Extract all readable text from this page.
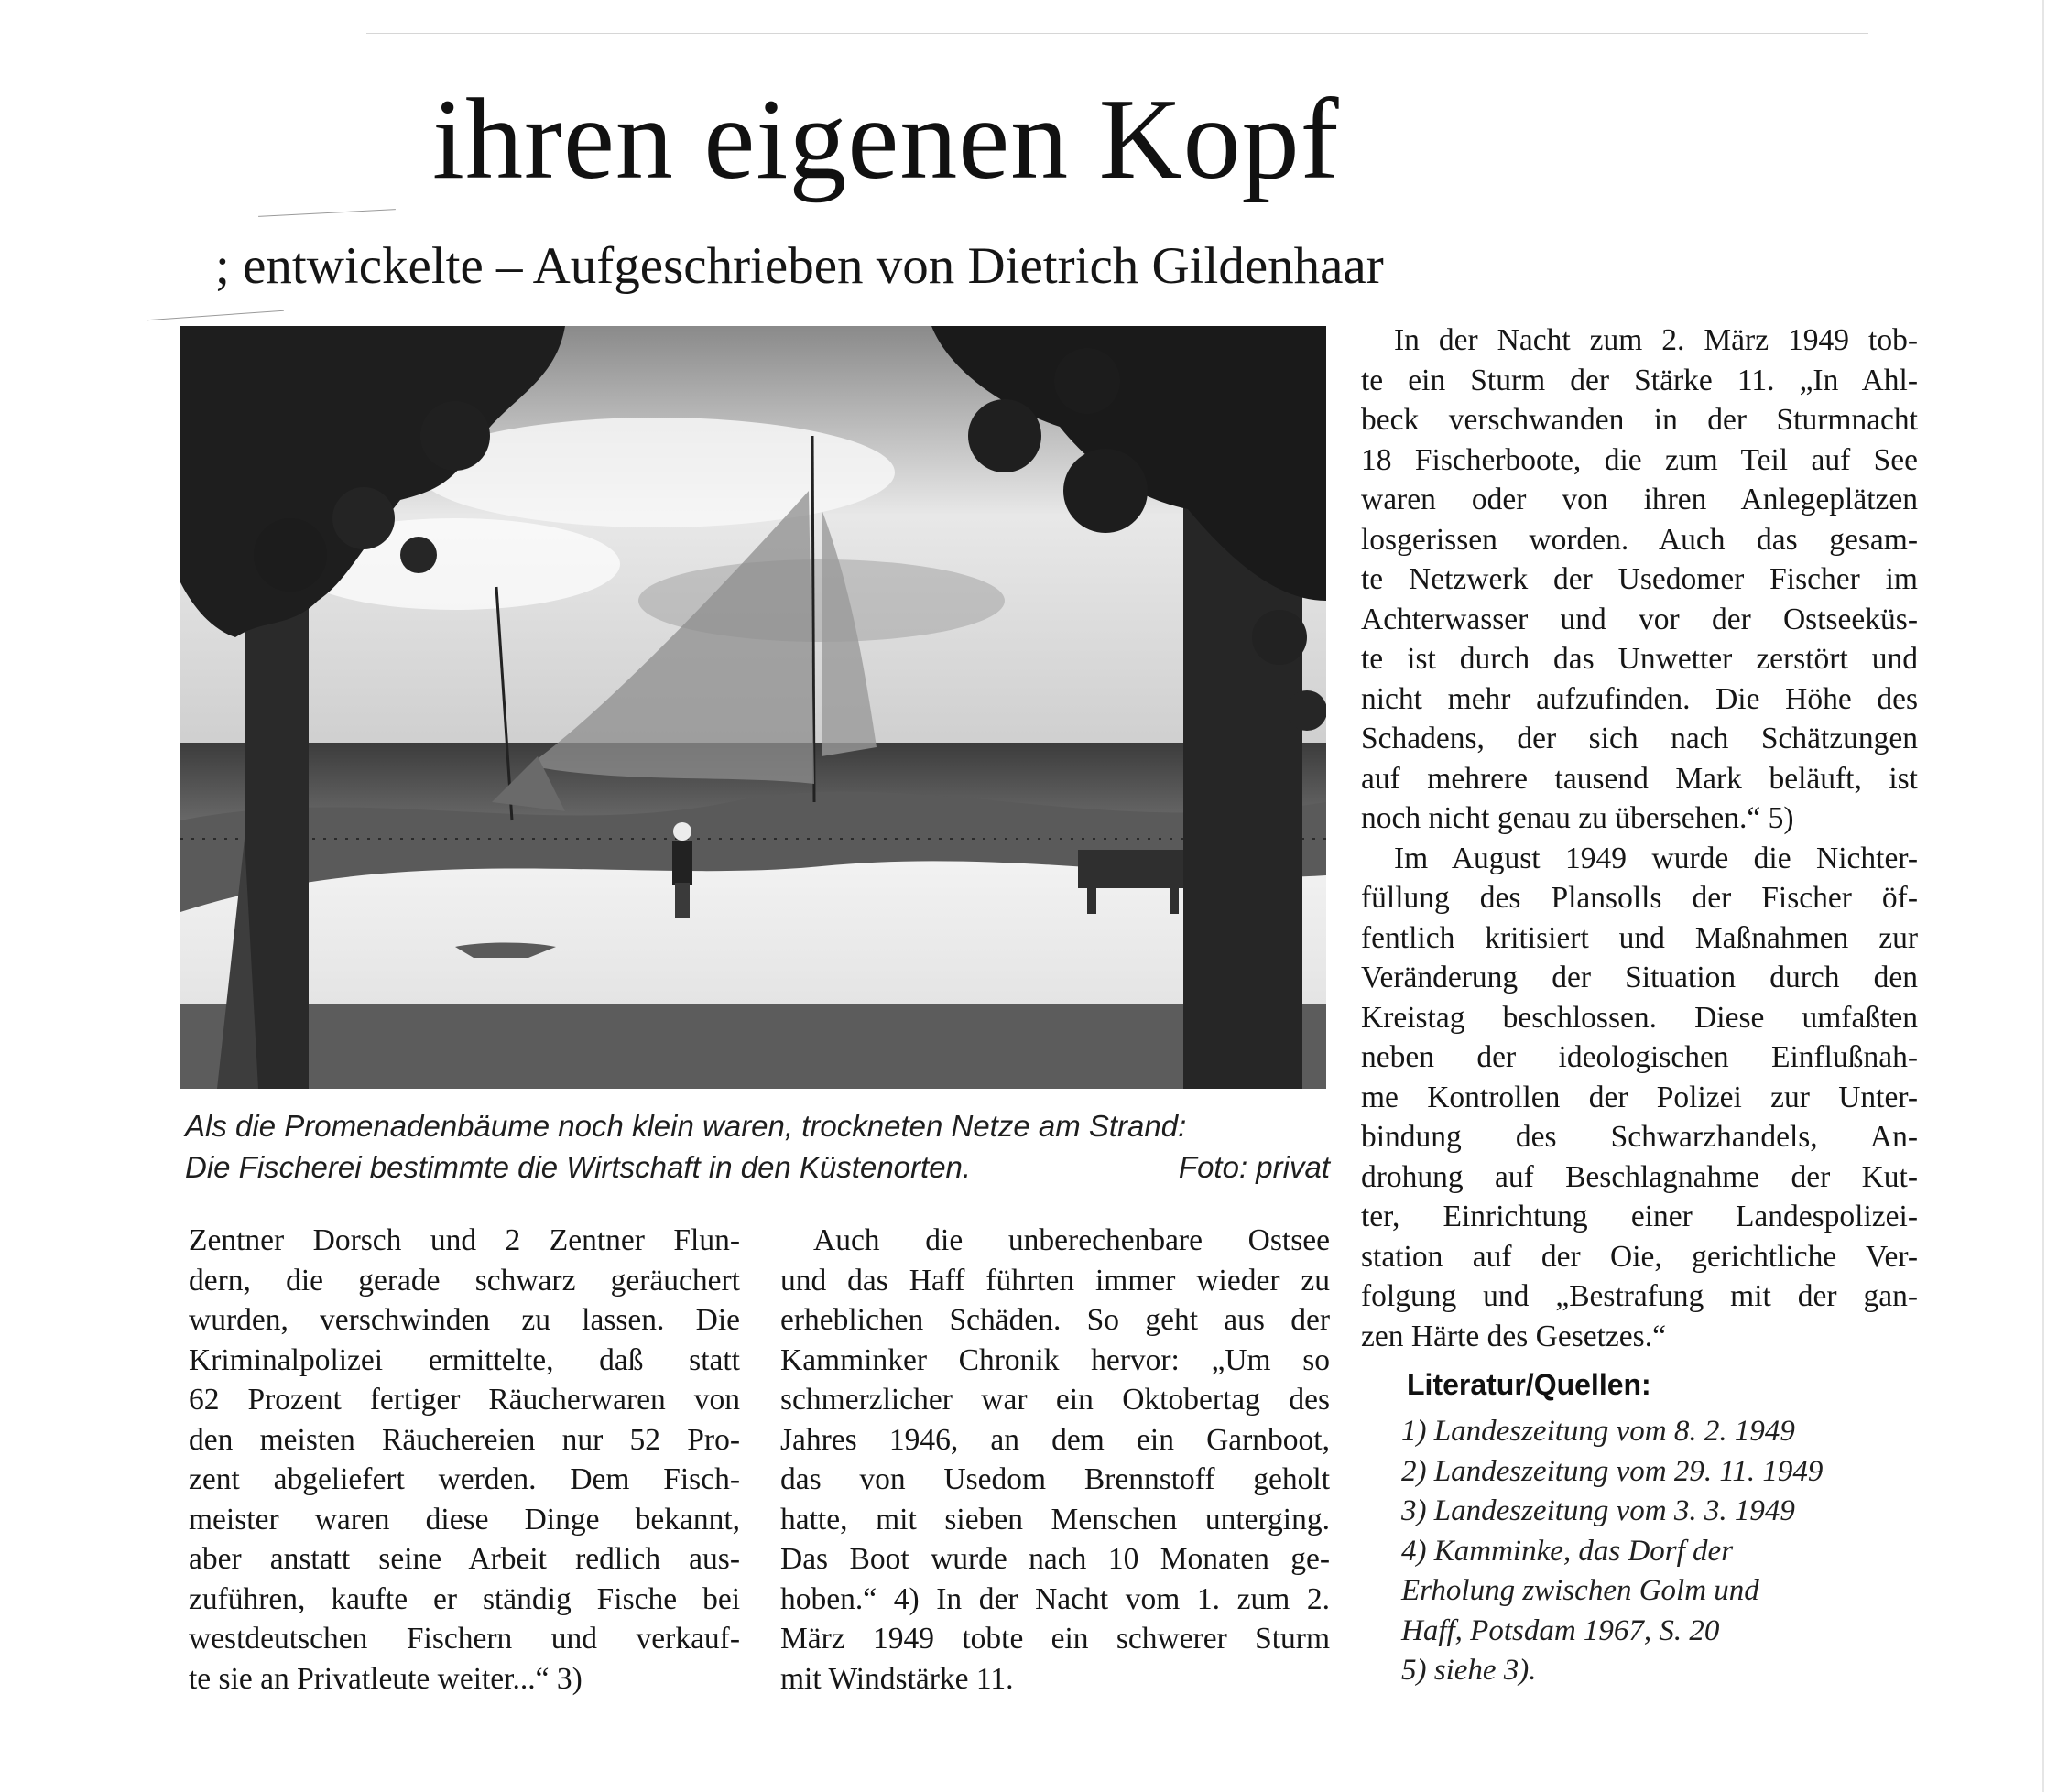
ihren eigenen Kopf
; entwickelte – Aufgeschrieben von Dietrich Gildenhaar
Als die Promenadenbäume noch klein waren, trockneten Netze am Strand:
Die Fischerei bestimmte die Wirtschaft in den Küstenorten.	Foto: privat
Zentner Dorsch und 2 Zentner Flun-
dern, die gerade schwarz geräuchert
wurden, verschwinden zu lassen. Die
Kriminalpolizei ermittelte, daß statt
62 Prozent fertiger Räucherwaren von
den meisten Räuchereien nur 52 Pro-
zent abgeliefert werden. Dem Fisch-
meister waren diese Dinge bekannt,
aber anstatt seine Arbeit redlich aus-
zuführen, kaufte er ständig Fische bei
westdeutschen Fischern und verkauf-
te sie an Privatleute weiter...“ 3)
Auch die unberechenbare Ostsee
und das Haff führten immer wieder zu
erheblichen Schäden. So geht aus der
Kamminker Chronik hervor: „Um so
schmerzlicher war ein Oktobertag des
Jahres 1946, an dem ein Garnboot,
das von Usedom Brennstoff geholt
hatte, mit sieben Menschen unterging.
Das Boot wurde nach 10 Monaten ge-
hoben.“ 4) In der Nacht vom 1. zum 2.
März 1949 tobte ein schwerer Sturm
mit Windstärke 11.
In der Nacht zum 2. März 1949 tob-
te ein Sturm der Stärke 11. „In Ahl-
beck verschwanden in der Sturmnacht
18 Fischerboote, die zum Teil auf See
waren oder von ihren Anlegeplätzen
losgerissen worden. Auch das gesam-
te Netzwerk der Usedomer Fischer im
Achterwasser und vor der Ostseeküs-
te ist durch das Unwetter zerstört und
nicht mehr aufzufinden. Die Höhe des
Schadens, der sich nach Schätzungen
auf mehrere tausend Mark beläuft, ist
noch nicht genau zu übersehen.“ 5)
Im August 1949 wurde die Nichter-
füllung des Plansolls der Fischer öf-
fentlich kritisiert und Maßnahmen zur
Veränderung der Situation durch den
Kreistag beschlossen. Diese umfaßten
neben der ideologischen Einflußnah-
me Kontrollen der Polizei zur Unter-
bindung des Schwarzhandels, An-
drohung auf Beschlagnahme der Kut-
ter, Einrichtung einer Landespolizei-
station auf der Oie, gerichtliche Ver-
folgung und „Bestrafung mit der gan-
zen Härte des Gesetzes.“
Literatur/Quellen:
1) Landeszeitung vom 8. 2. 1949
2) Landeszeitung vom 29. 11. 1949
3) Landeszeitung vom 3. 3. 1949
4) Kamminke, das Dorf der
Erholung zwischen Golm und
Haff, Potsdam 1967, S. 20
5) siehe 3).
